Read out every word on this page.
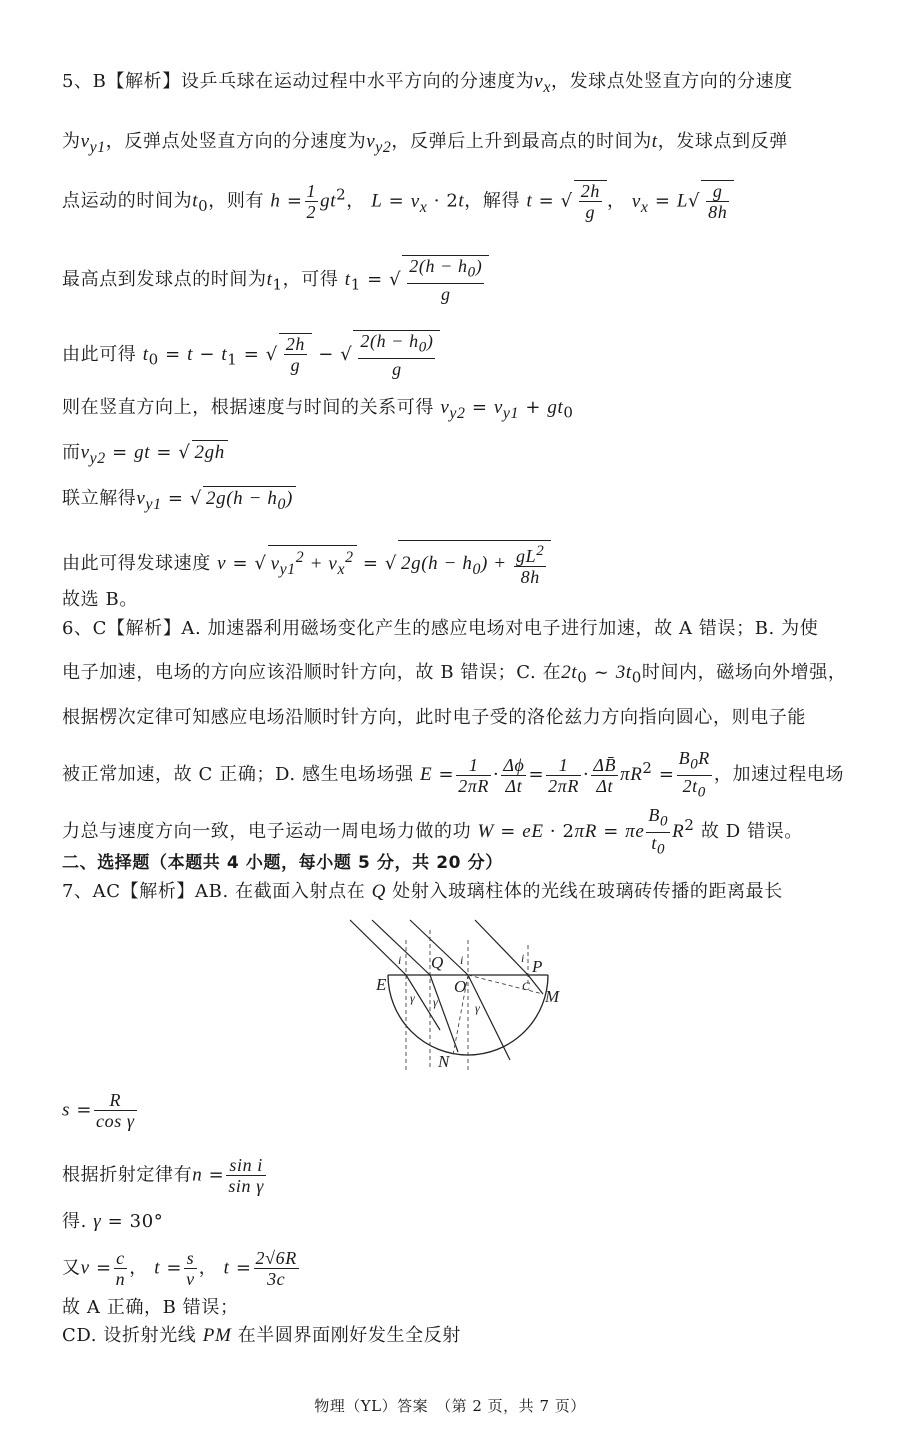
5、B【解析】设乒乓球在运动过程中水平方向的分速度为$v_x$，发球点处竖直方向的分速度
为$v_{y1}$，反弹点处竖直方向的分速度为$v_{y2}$，反弹后上升到最高点的时间为t，发球点到反弹
点运动的时间为$t_0$，则有 $h = \frac{1}{2} gt^2$， $L = v_x \cdot 2t$，解得 t = √ $\frac{2h}{g}$ ， $v_x = L√ \frac{g}{8h}$
最高点到发球点的时间为$t_1$，可得 $t_1$ = √ $\frac{2(h - h_0)}{g}$
由此可得 $t_0 = t - t_1$ = √ $\frac{2h}{g}$ − √ $\frac{2(h - h_0)}{g}$
则在竖直方向上，根据速度与时间的关系可得 $v_{y2} = v_{y1} + gt_0$
而$v_{y2}$ = gt = √ 2gh
联立解得$v_{y1}$ = √ $2g(h - h_0)$
由此可得发球速度 v = √ $v_{y1}^2 + v_x^2$ = √ $2g(h - h_0) + \frac{gL^2}{8h}$
故选 B。
6、C【解析】A. 加速器利用磁场变化产生的感应电场对电子进行加速，故 A 错误；B. 为使
电子加速，电场的方向应该沿顺时针方向，故 B 错误；C. 在$2t_0$ ~ $3t_0$时间内，磁场向外增强，
根据楞次定律可知感应电场沿顺时针方向，此时电子受的洛伦兹力方向指向圆心，则电子能
被正常加速，故 C 正确；D. 感生电场场强 $E = \frac{1}{2\pi R} \cdot \frac{\Delta\phi}{\Delta t} = \frac{1}{2\pi R} \cdot \frac{\Delta B̄}{\Delta t} \pi R^2 = \frac{B_0R}{2t_0}$ ，加速过程电场
力总与速度方向一致，电子运动一周电场力做的功 W = eE · 2πR = πe $\frac{B_0}{t_0} R^2$ 故 D 错误。
二、选择题（本题共 4 小题，每小题 5 分，共 20 分）
7、AC【解析】AB. 在截面入射点在 Q 处射入玻璃柱体的光线在玻璃砖传播的距离最长
E
Q
O
P
M
N
i	i	i
γ γ	γ
C
$s = \frac{R}{\text{cos γ}}$
根据折射定律有$n = \frac{\text{sin i}}{\text{sin γ}}$
得. γ = 30°
又$v = \frac{c}{n}$ ， $t = \frac{s}{v}$ ， $t = \frac{2√6R}{3c}$
故 A 正确，B 错误；
CD. 设折射光线 PM 在半圆界面刚好发生全反射
物理（YL）答案　（第 2 页，共 7 页）
